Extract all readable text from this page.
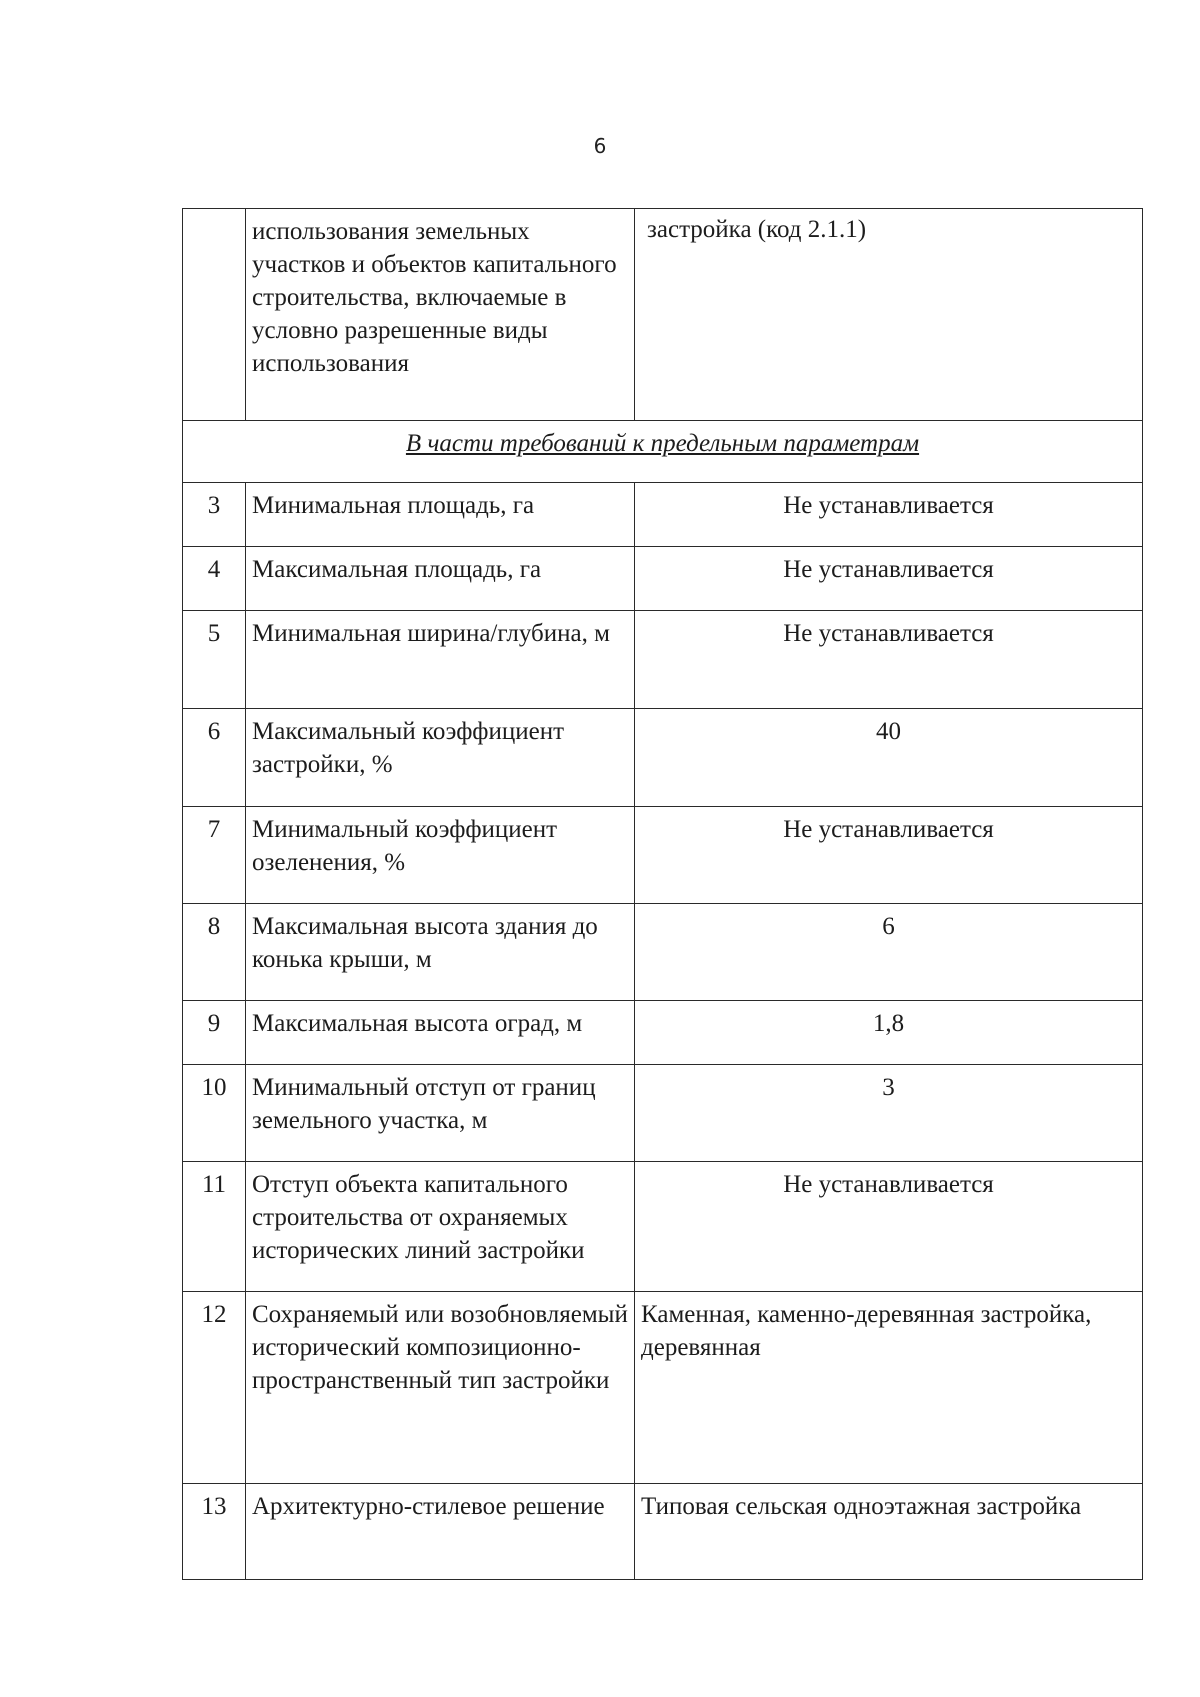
6
	использования земельных участков и объектов капитального строительства, включаемые в условно разрешенные виды использования	застройка (код 2.1.1)
В части требований к предельным параметрам		
3	Минимальная площадь, га	Не устанавливается
4	Максимальная площадь, га	Не устанавливается
5	Минимальная ширина/глубина, м	Не устанавливается
6	Максимальный коэффициент застройки, %	40
7	Минимальный коэффициент озеленения, %	Не устанавливается
8	Максимальная высота здания до конька крыши, м	6
9	Максимальная высота оград, м	1,8
10	Минимальный отступ от границ земельного участка, м	3
11	Отступ объекта капитального строительства от охраняемых исторических линий застройки	Не устанавливается
12	Сохраняемый или возобновляемый исторический композиционно-пространственный тип застройки	Каменная, каменно-деревянная застройка, деревянная
13	Архитектурно-стилевое решение	Типовая сельская одноэтажная застройка
